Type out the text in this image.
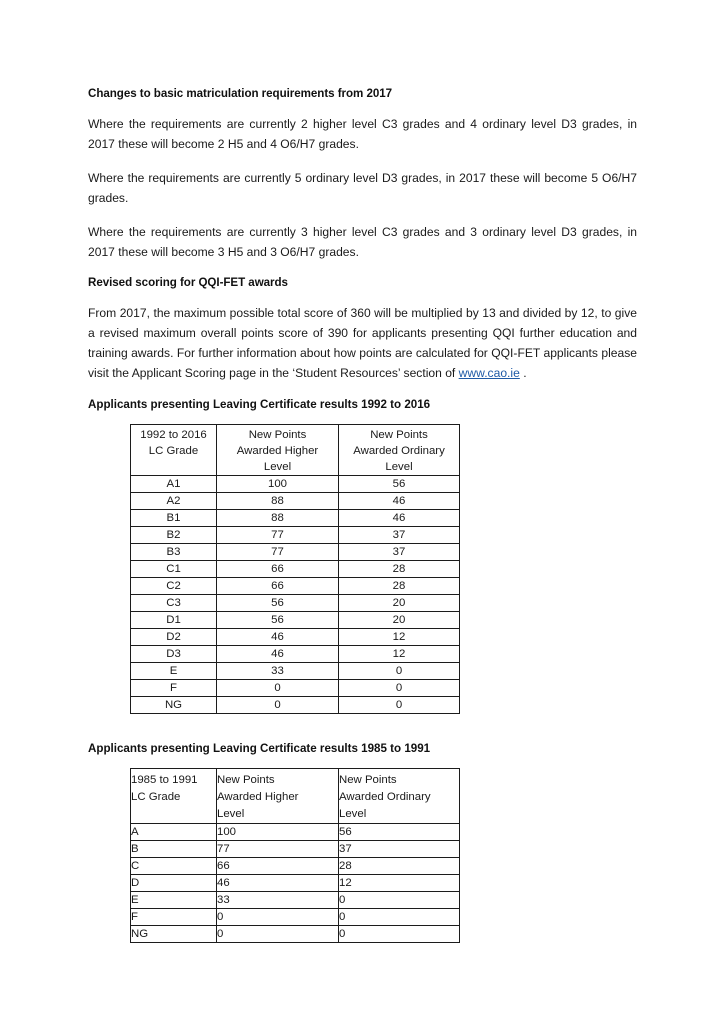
Changes to basic matriculation requirements from 2017

Where the requirements are currently 2 higher level C3 grades and 4 ordinary level D3 grades, in 2017 these will become 2 H5 and 4 O6/H7 grades.

Where the requirements are currently 5 ordinary level D3 grades, in 2017 these will become 5 O6/H7 grades.

Where the requirements are currently 3 higher level C3 grades and 3 ordinary level D3 grades, in 2017 these will become 3 H5 and 3 O6/H7 grades.

Revised scoring for QQI-FET awards

From 2017, the maximum possible total score of 360 will be multiplied by 13 and divided by 12, to give a revised maximum overall points score of 390 for applicants presenting QQI further education and training awards. For further information about how points are calculated for QQI-FET applicants please visit the Applicant Scoring page in the ‘Student Resources’ section of www.cao.ie .

Applicants presenting Leaving Certificate results 1992 to 2016
1992 to 2016
LC Grade

New Points
Awarded Higher
Level

New Points
Awarded Ordinary
Level

A1	100	56
A2	88	46
B1	88	46
B2	77	37
B3	77	37
C1	66	28
C2	66	28
C3	56	20
D1	56	20
D2	46	12
D3	46	12
E	33	0
F	0	0
NG	0	0
Applicants presenting Leaving Certificate results 1985 to 1991
1985 to 1991
LC Grade

New Points
Awarded Higher
Level

New Points
Awarded Ordinary
Level

A	100	56
B	77	37
C	66	28
D	46	12
E	33	0
F	0	0
NG	0	0
